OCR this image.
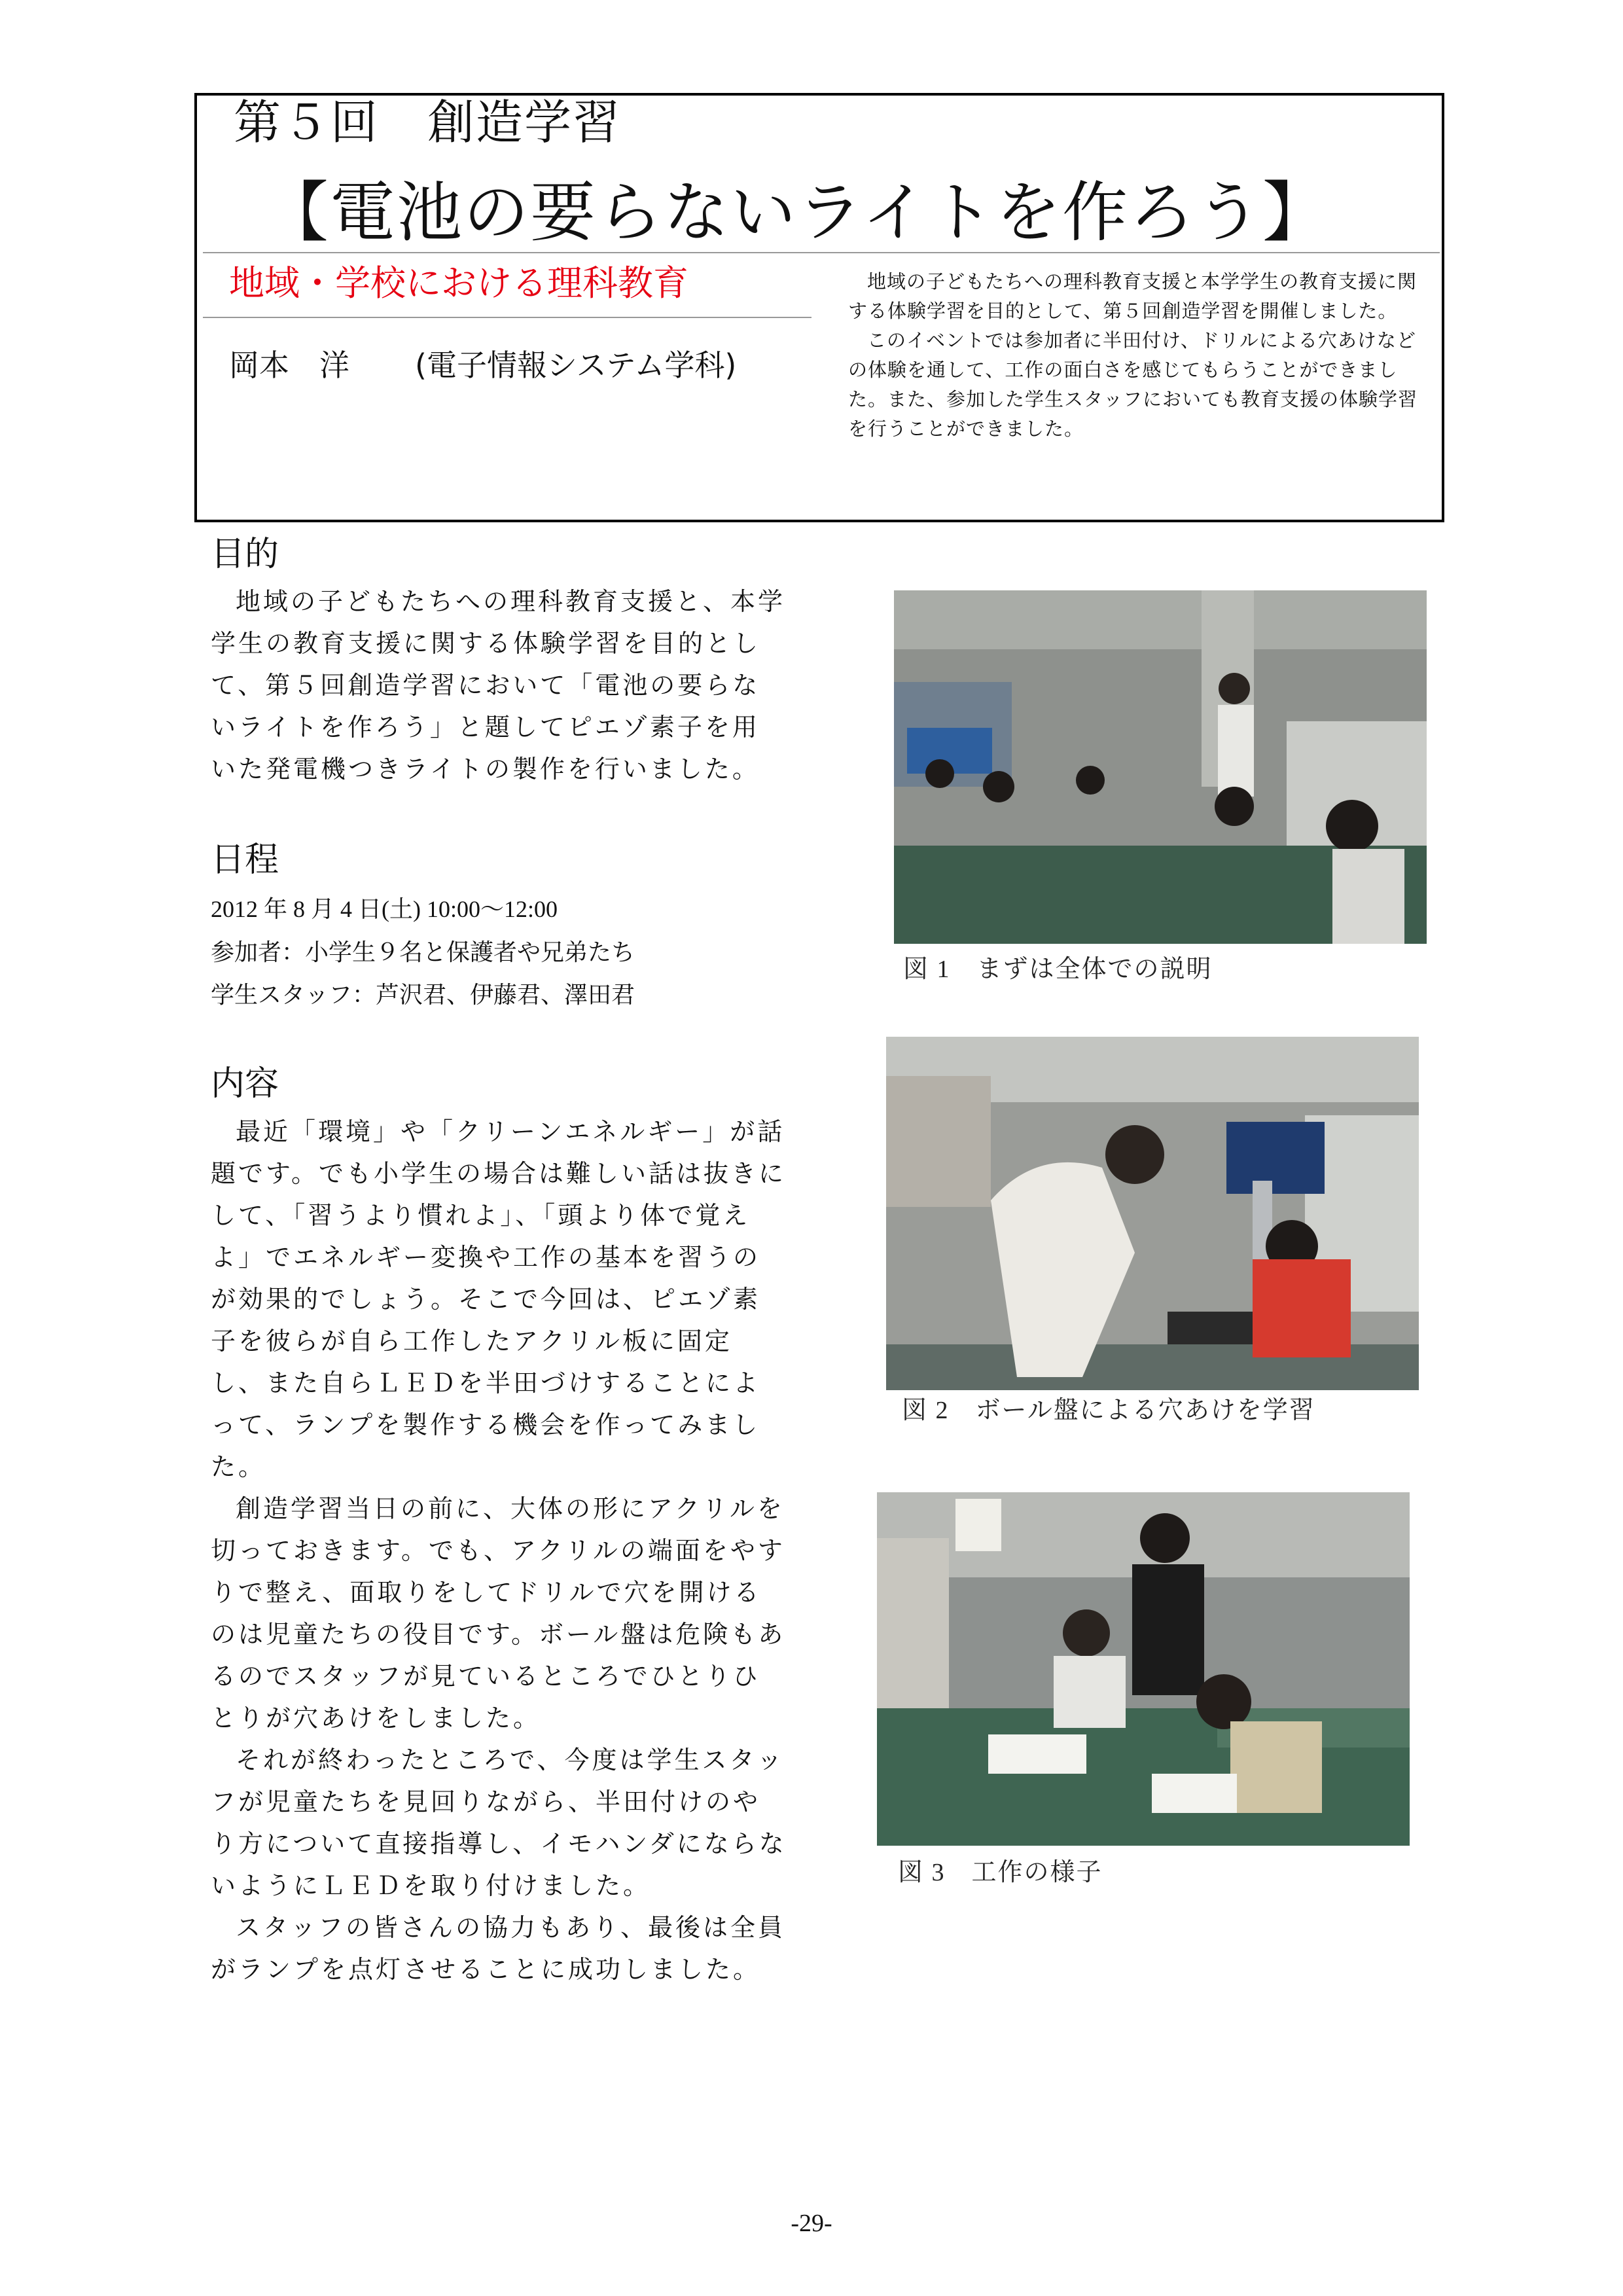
第５回　創造学習
【電池の要らないライトを作ろう】
地域・学校における理科教育
岡本　洋 (電子情報システム学科)

地域の子どもたちへの理科教育支援と本学学生の教育支援に関する体験学習を目的として、第５回創造学習を開催しました。

このイベントでは参加者に半田付け、ドリルによる穴あけなどの体験を通して、工作の面白さを感じてもらうことができました。また、参加した学生スタッフにおいても教育支援の体験学習を行うことができました。

目的

地域の子どもたちへの理科教育支援と、本学学生の教育支援に関する体験学習を目的として、第５回創造学習において「電池の要らないライトを作ろう」と題してピエゾ素子を用いた発電機つきライトの製作を行いました。

日程
2012 年 8 月 4 日(土) 10:00～12:00
参加者：小学生９名と保護者や兄弟たち
学生スタッフ：芦沢君、伊藤君、澤田君
内容

最近「環境」や「クリーンエネルギー」が話題です。でも小学生の場合は難しい話は抜きにして、「習うより慣れよ」、「頭より体で覚えよ」でエネルギー変換や工作の基本を習うのが効果的でしょう。そこで今回は、ピエゾ素子を彼らが自ら工作したアクリル板に固定し、また自らＬＥＤを半田づけすることによって、ランプを製作する機会を作ってみました。

創造学習当日の前に、大体の形にアクリルを切っておきます。でも、アクリルの端面をやすりで整え、面取りをしてドリルで穴を開けるのは児童たちの役目です。ボール盤は危険もあるのでスタッフが見ているところでひとりひとりが穴あけをしました。

それが終わったところで、今度は学生スタッフが児童たちを見回りながら、半田付けのやり方について直接指導し、イモハンダにならないようにＬＥＤを取り付けました。

スタッフの皆さんの協力もあり、最後は全員がランプを点灯させることに成功しました。

図 1　まずは全体での説明
図 2　ボール盤による穴あけを学習
図 3　工作の様子
-29-
